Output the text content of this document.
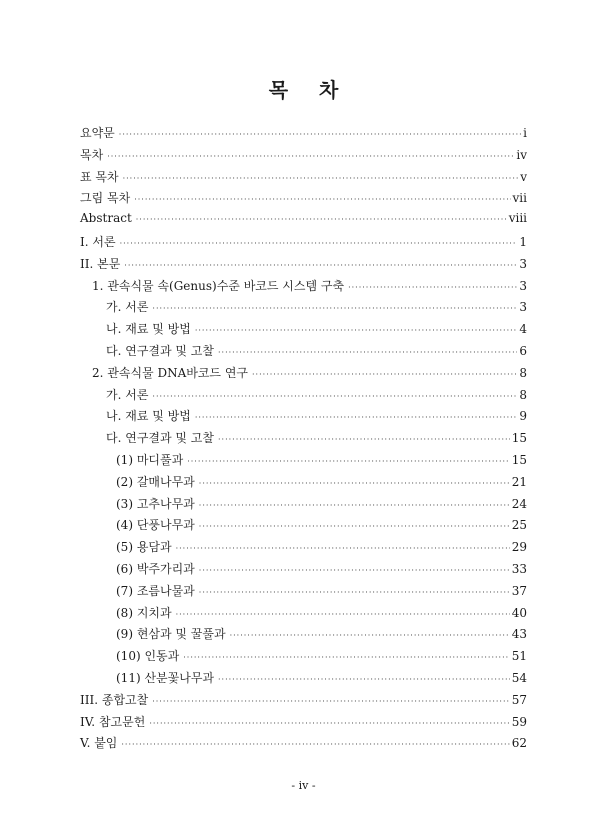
목 차
요약문 ·····	i
목차 ·····	iv
표 목차 ·····	v
그림 목차 ·····	vii
Abstract ·····	viii
I. 서론 ·····	1
II. 본문 ·····	3
1. 관속식물 속(Genus)수준 바코드 시스템 구축 ·····	3
가. 서론 ·····	3
나. 재료 및 방법 ·····	4
다. 연구결과 및 고찰 ·····	6
2. 관속식물 DNA바코드 연구 ·····	8
가. 서론 ·····	8
나. 재료 및 방법 ·····	9
다. 연구결과 및 고찰 ·····	15
(1) 마디풀과 ·····	15
(2) 갈매나무과 ·····	21
(3) 고추나무과 ·····	24
(4) 단풍나무과 ·····	25
(5) 용담과 ·····	29
(6) 박주가리과 ·····	33
(7) 조름나물과 ·····	37
(8) 지치과 ·····	40
(9) 현삼과 및 꿀풀과 ·····	43
(10) 인동과 ·····	51
(11) 산분꽃나무과 ·····	54
III. 종합고찰 ·····	57
IV. 참고문헌 ·····	59
V. 붙임 ·····	62
- iv -
